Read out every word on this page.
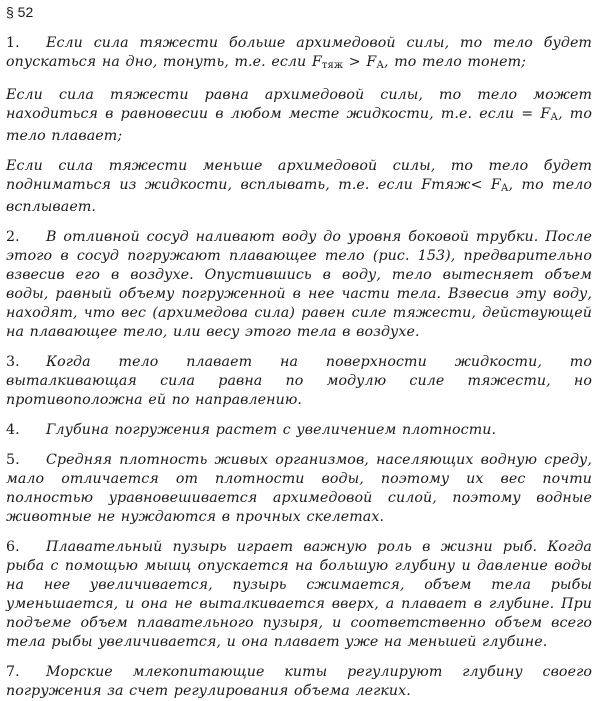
§ 52

1. Если сила тяжести больше архимедовой силы, то тело будет опускаться на дно, тонуть, т.е. если $F_{тяж} > F_А$, то тело тонет;

Если сила тяжести равна архимедовой силы, то тело может находиться в равновесии в любом месте жидкости, т.е. если = $F_А$, то тело плавает;

Если сила тяжести меньше архимедовой силы, то тело будет подниматься из жидкости, всплывать, т.е. если Fтяж< $F_А$, то тело всплывает.

2. В отливной сосуд наливают воду до уровня боковой трубки. После этого в сосуд погружают плавающее тело (рис. 153), предварительно взвесив его в воздухе. Опустившись в воду, тело вытесняет объем воды, равный объему погруженной в нее части тела. Взвесив эту воду, находят, что вес (архимедова сила) равен силе тяжести, действующей на плавающее тело, или весу этого тела в воздухе.

3. Когда тело плавает на поверхности жидкости, то выталкивающая сила равна по модулю силе тяжести, но противоположна ей по направлению.

4. Глубина погружения растет с увеличением плотности.

5. Средняя плотность живых организмов, населяющих водную среду, мало отличается от плотности воды, поэтому их вес почти полностью уравновешивается архимедовой силой, поэтому водные животные не нуждаются в прочных скелетах.

6. Плавательный пузырь играет важную роль в жизни рыб. Когда рыба с помощью мышц опускается на большую глубину и давление воды на нее увеличивается, пузырь сжимается, объем тела рыбы уменьшается, и она не выталкивается вверх, а плавает в глубине. При подъеме объем плавательного пузыря, и соответственно объем всего тела рыбы увеличивается, и она плавает уже на меньшей глубине.

7. Морские млекопитающие киты регулируют глубину своего погружения за счет регулирования объема легких.
